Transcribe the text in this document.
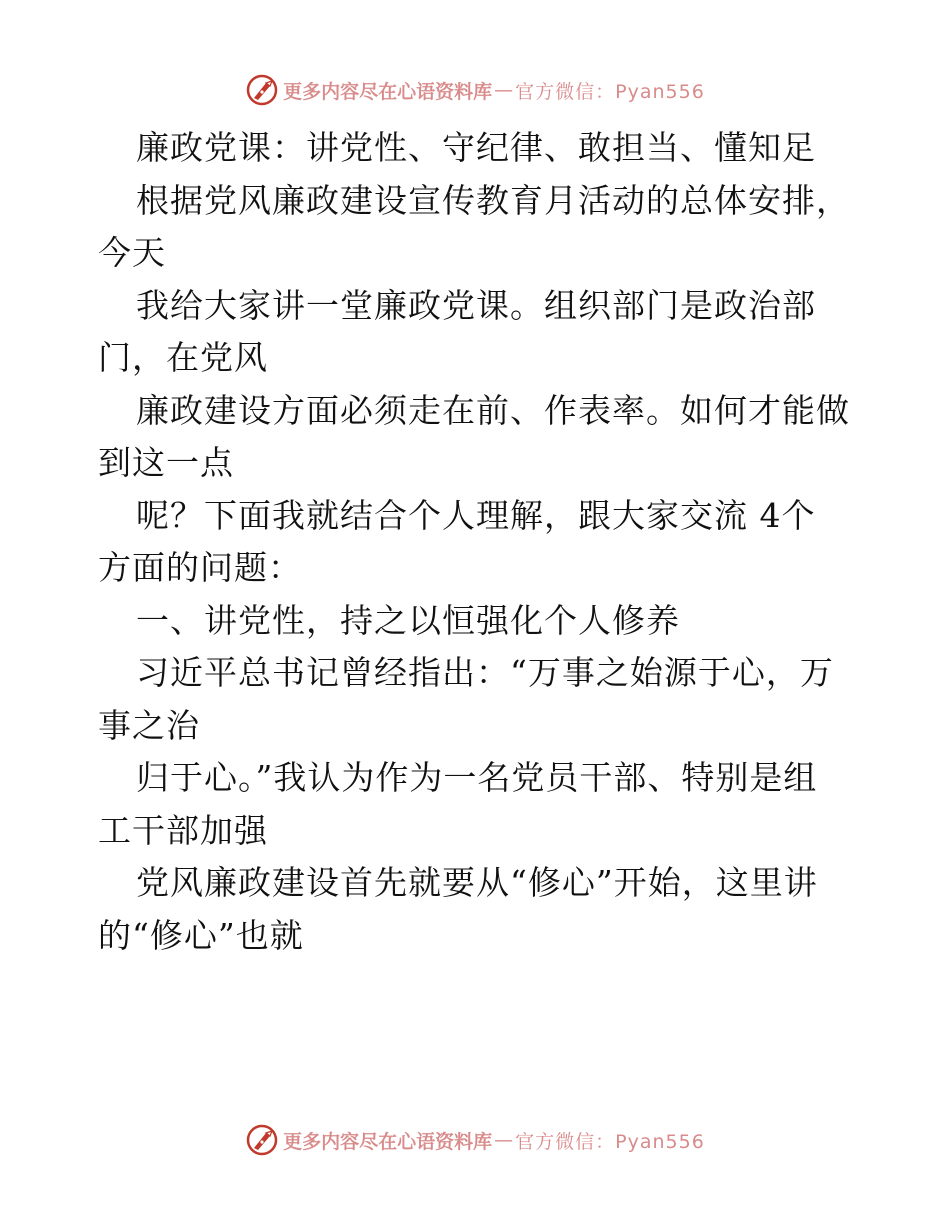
更多内容尽在心语资料库 — 官方微信：Pyan556
廉政党课：讲党性、守纪律、敢担当、懂知足
根据党风廉政建设宣传教育月活动的总体安排，
今天
我给大家讲一堂廉政党课。组织部门是政治部
门，在党风
廉政建设方面必须走在前、作表率。如何才能做
到这一点
呢？下面我就结合个人理解，跟大家交流 4个
方面的问题：
一、讲党性，持之以恒强化个人修养
习近平总书记曾经指出：“万事之始源于心，万
事之治
归于心。”我认为作为一名党员干部、特别是组
工干部加强
党风廉政建设首先就要从“修心”开始，这里讲
的“修心”也就
更多内容尽在心语资料库 — 官方微信：Pyan556
